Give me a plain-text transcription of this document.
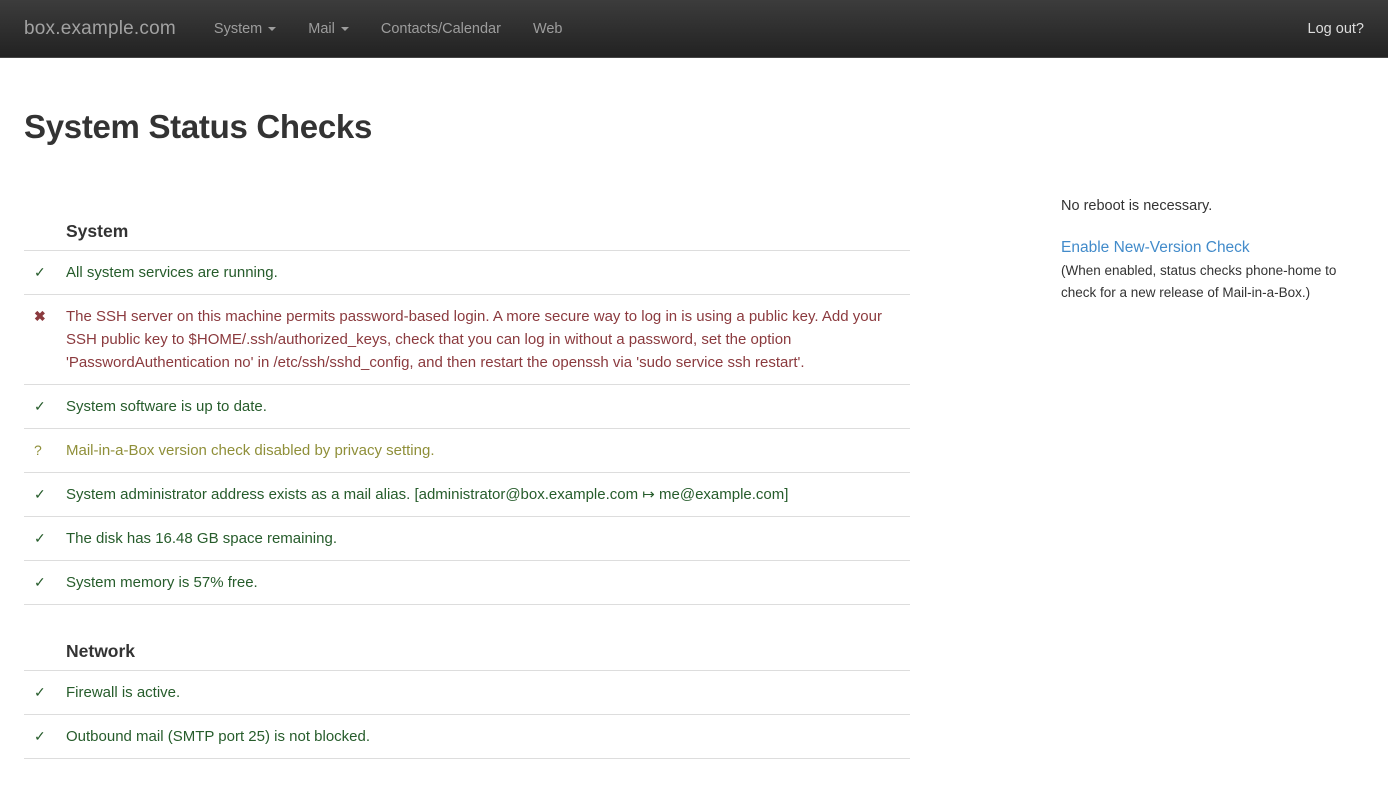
box.example.com	System	Mail	Contacts/Calendar Web	Log out?
System Status Checks
System
✓	All system services are running.
✖	The SSH server on this machine permits password-based login. A more secure way to log in is using a public key. Add your SSH public key to $HOME/.ssh/authorized_keys, check that you can log in without a password, set the option 'PasswordAuthentication no' in /etc/ssh/sshd_config, and then restart the openssh via 'sudo service ssh restart'.
✓	System software is up to date.
?	Mail-in-a-Box version check disabled by privacy setting.
✓	System administrator address exists as a mail alias. [administrator@box.example.com ↦ me@example.com]
✓	The disk has 16.48 GB space remaining.
✓	System memory is 57% free.
Network
✓	Firewall is active.
✓	Outbound mail (SMTP port 25) is not blocked.

No reboot is necessary.

Enable New-Version Check

(When enabled, status checks phone-home to check for a new release of Mail-in-a-Box.)
